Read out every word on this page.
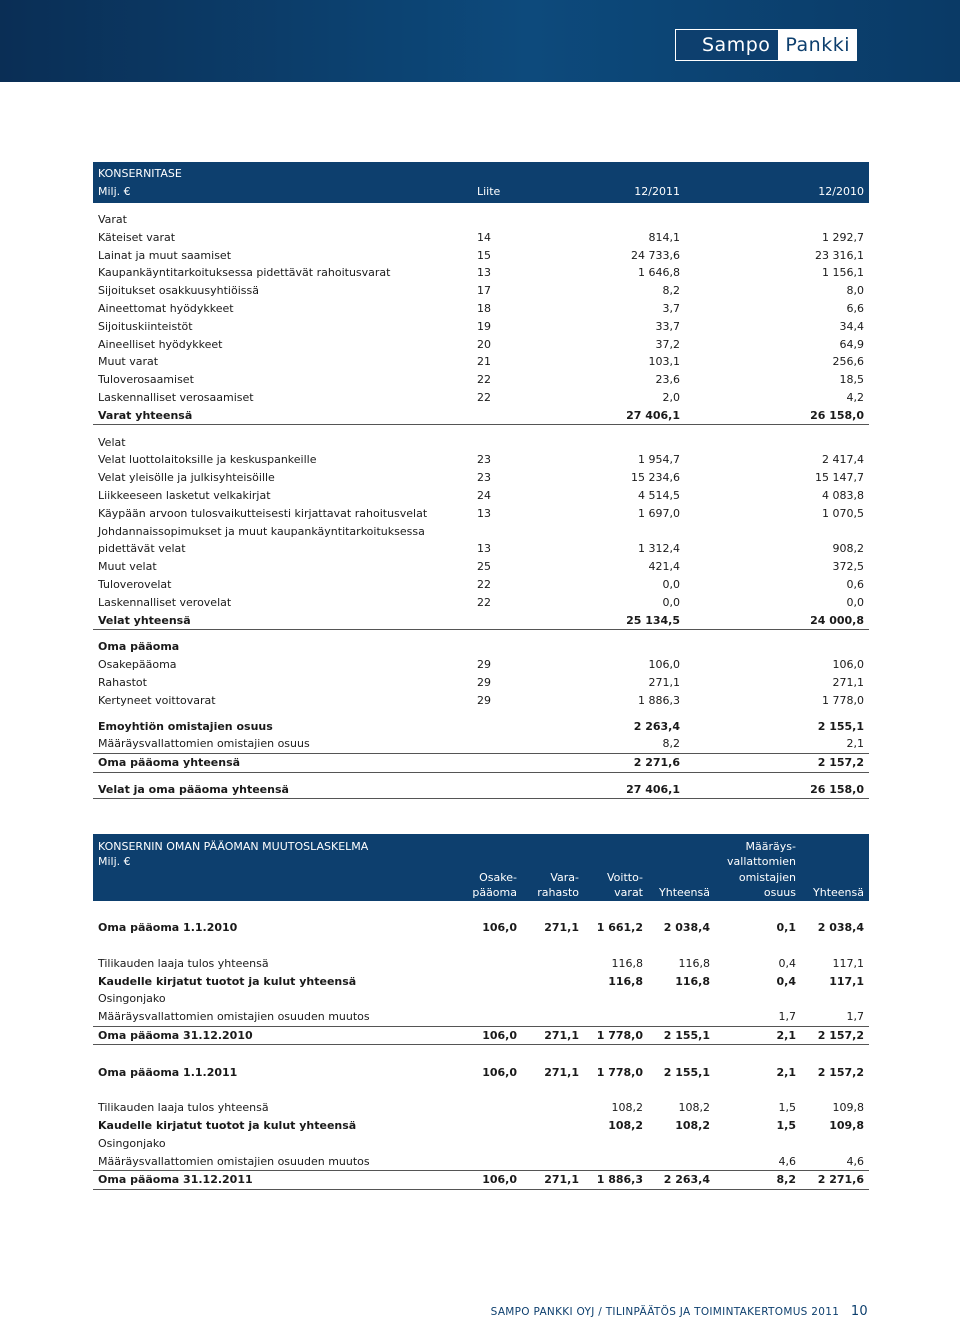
Sampo Pankki
KONSERNITASE			
Milj. €	Liite	12/2011	12/2010
Varat			
Käteiset varat	14	814,1	1 292,7
Lainat ja muut saamiset	15	24 733,6	23 316,1
Kaupankäyntitarkoituksessa pidettävät rahoitusvarat	13	1 646,8	1 156,1
Sijoitukset osakkuusyhtiöissä	17	8,2	8,0
Aineettomat hyödykkeet	18	3,7	6,6
Sijoituskiinteistöt	19	33,7	34,4
Aineelliset hyödykkeet	20	37,2	64,9
Muut varat	21	103,1	256,6
Tuloverosaamiset	22	23,6	18,5
Laskennalliset verosaamiset	22	2,0	4,2
Varat yhteensä		27 406,1	26 158,0
Velat			
Velat luottolaitoksille ja keskuspankeille	23	1 954,7	2 417,4
Velat yleisölle ja julkisyhteisöille	23	15 234,6	15 147,7
Liikkeeseen lasketut velkakirjat	24	4 514,5	4 083,8
Käypään arvoon tulosvaikutteisesti kirjattavat rahoitusvelat	13	1 697,0	1 070,5
Johdannaissopimukset ja muut kaupankäyntitarkoituksessa			
pidettävät velat	13	1 312,4	908,2
Muut velat	25	421,4	372,5
Tuloverovelat	22	0,0	0,6
Laskennalliset verovelat	22	0,0	0,0
Velat yhteensä		25 134,5	24 000,8
Oma pääoma			
Osakepääoma	29	106,0	106,0
Rahastot	29	271,1	271,1
Kertyneet voittovarat	29	1 886,3	1 778,0

Emoyhtiön omistajien osuus		2 263,4	2 155,1
Määräysvallattomien omistajien osuus		8,2	2,1
Oma pääoma yhteensä		2 271,6	2 157,2

Velat ja oma pääoma yhteensä		27 406,1	26 158,0
KONSERNIN OMAN PÄÄOMAN MUUTOSLASKELMA					Määräys-	
Milj. €					vallattomien	
	Osake-	Vara-	Voitto-		omistajien	
	pääoma	rahasto	varat	Yhteensä	osuus	Yhteensä

Oma pääoma 1.1.2010	106,0	271,1	1 661,2	2 038,4	0,1	2 038,4

Tilikauden laaja tulos yhteensä			116,8	116,8	0,4	117,1
Kaudelle kirjatut tuotot ja kulut yhteensä			116,8	116,8	0,4	117,1
Osingonjako						
Määräysvallattomien omistajien osuuden muutos					1,7	1,7
Oma pääoma 31.12.2010	106,0	271,1	1 778,0	2 155,1	2,1	2 157,2

Oma pääoma 1.1.2011	106,0	271,1	1 778,0	2 155,1	2,1	2 157,2

Tilikauden laaja tulos yhteensä			108,2	108,2	1,5	109,8
Kaudelle kirjatut tuotot ja kulut yhteensä			108,2	108,2	1,5	109,8
Osingonjako						
Määräysvallattomien omistajien osuuden muutos					4,6	4,6
Oma pääoma 31.12.2011	106,0	271,1	1 886,3	2 263,4	8,2	2 271,6
SAMPO PANKKI OYJ / TILINPÄÄTÖS JA TOIMINTAKERTOMUS 2011 10
